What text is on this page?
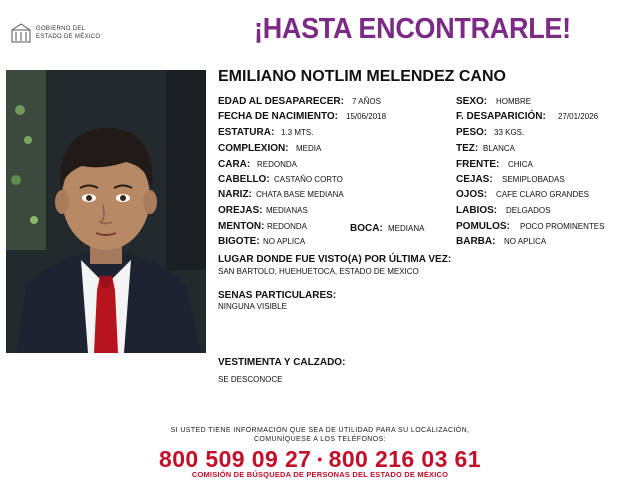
GOBIERNO DEL
ESTADO DE MÉXICO	¡HASTA ENCONTRARLE!
EMILIANO NOTLIM MELENDEZ CANO
EDAD AL DESAPARECER: 7 AÑOS
FECHA DE NACIMIENTO: 15/06/2018
ESTATURA: 1.3 MTS.
COMPLEXION: MEDIA
CARA: REDONDA
CABELLO: CASTAÑO CORTO
NARIZ: CHATA BASE MEDIANA
OREJAS: MEDIANAS
MENTON: REDONDA	BOCA: MEDIANA
BIGOTE: NO APLICA
SEXO: HOMBRE
F. DESAPARICIÓN: 27/01/2026
PESO: 33 KGS.
TEZ: BLANCA
FRENTE: CHICA
CEJAS: SEMIPLOBADAS
OJOS: CAFE CLARO GRANDES
LABIOS: DELGADOS
POMULOS: POCO PROMINENTES
BARBA: NO APLICA
LUGAR DONDE FUE VISTO(A) POR ÚLTIMA VEZ:
SAN BARTOLO, HUEHUETOCA, ESTADO DE MEXICO
SENAS PARTICULARES:
NINGUNA VISIBLE
VESTIMENTA Y CALZADO:
SE DESCONOCE
SI USTED TIENE INFORMACIÓN QUE SEA DE UTILIDAD PARA SU LOCALIZACIÓN,
COMUNÍQUESE A LOS TELÉFONOS:
800 509 09 27 • 800 216 03 61
COMISIÓN DE BÚSQUEDA DE PERSONAS DEL ESTADO DE MÉXICO
